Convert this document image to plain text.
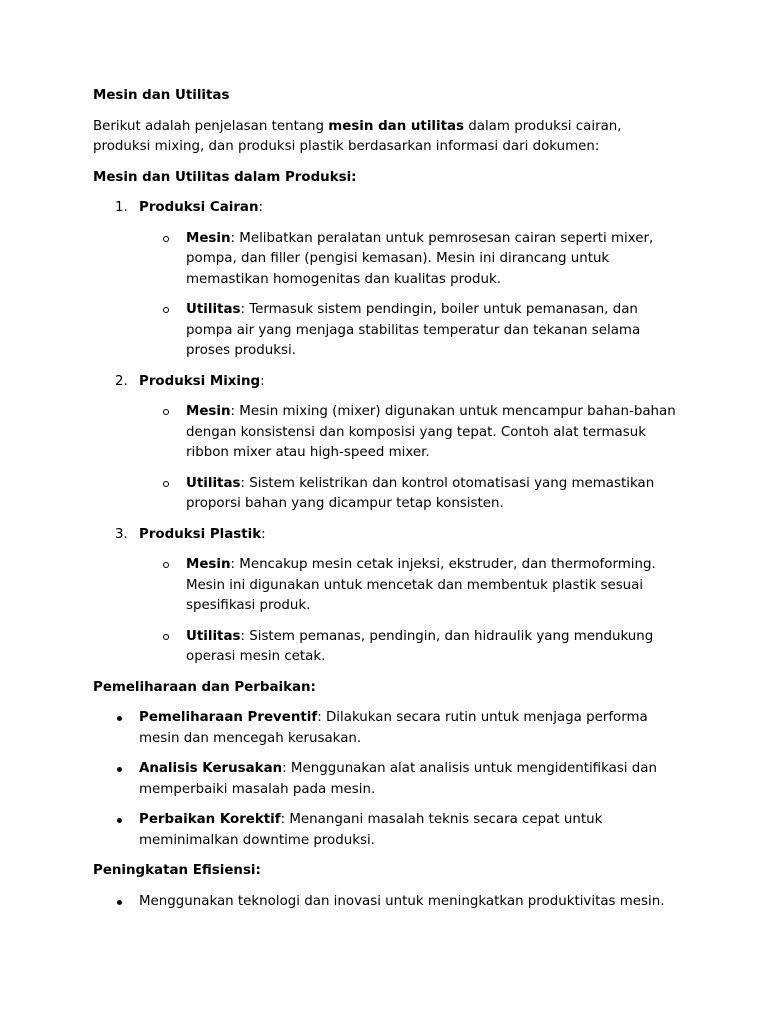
Mesin dan Utilitas

Berikut adalah penjelasan tentang mesin dan utilitas dalam produksi cairan, produksi mixing, dan produksi plastik berdasarkan informasi dari dokumen:

Mesin dan Utilitas dalam Produksi:

1. Produksi Cairan:
Mesin: Melibatkan peralatan untuk pemrosesan cairan seperti mixer, pompa, dan filler (pengisi kemasan). Mesin ini dirancang untuk memastikan homogenitas dan kualitas produk.
Utilitas: Termasuk sistem pendingin, boiler untuk pemanasan, dan pompa air yang menjaga stabilitas temperatur dan tekanan selama proses produksi.
2. Produksi Mixing:
Mesin: Mesin mixing (mixer) digunakan untuk mencampur bahan-bahan dengan konsistensi dan komposisi yang tepat. Contoh alat termasuk ribbon mixer atau high-speed mixer.
Utilitas: Sistem kelistrikan dan kontrol otomatisasi yang memastikan proporsi bahan yang dicampur tetap konsisten.
3. Produksi Plastik:
Mesin: Mencakup mesin cetak injeksi, ekstruder, dan thermoforming. Mesin ini digunakan untuk mencetak dan membentuk plastik sesuai spesifikasi produk.
Utilitas: Sistem pemanas, pendingin, dan hidraulik yang mendukung operasi mesin cetak.

Pemeliharaan dan Perbaikan:

Pemeliharaan Preventif: Dilakukan secara rutin untuk menjaga performa mesin dan mencegah kerusakan.
Analisis Kerusakan: Menggunakan alat analisis untuk mengidentifikasi dan memperbaiki masalah pada mesin.
Perbaikan Korektif: Menangani masalah teknis secara cepat untuk meminimalkan downtime produksi.

Peningkatan Efisiensi:

Menggunakan teknologi dan inovasi untuk meningkatkan produktivitas mesin.
